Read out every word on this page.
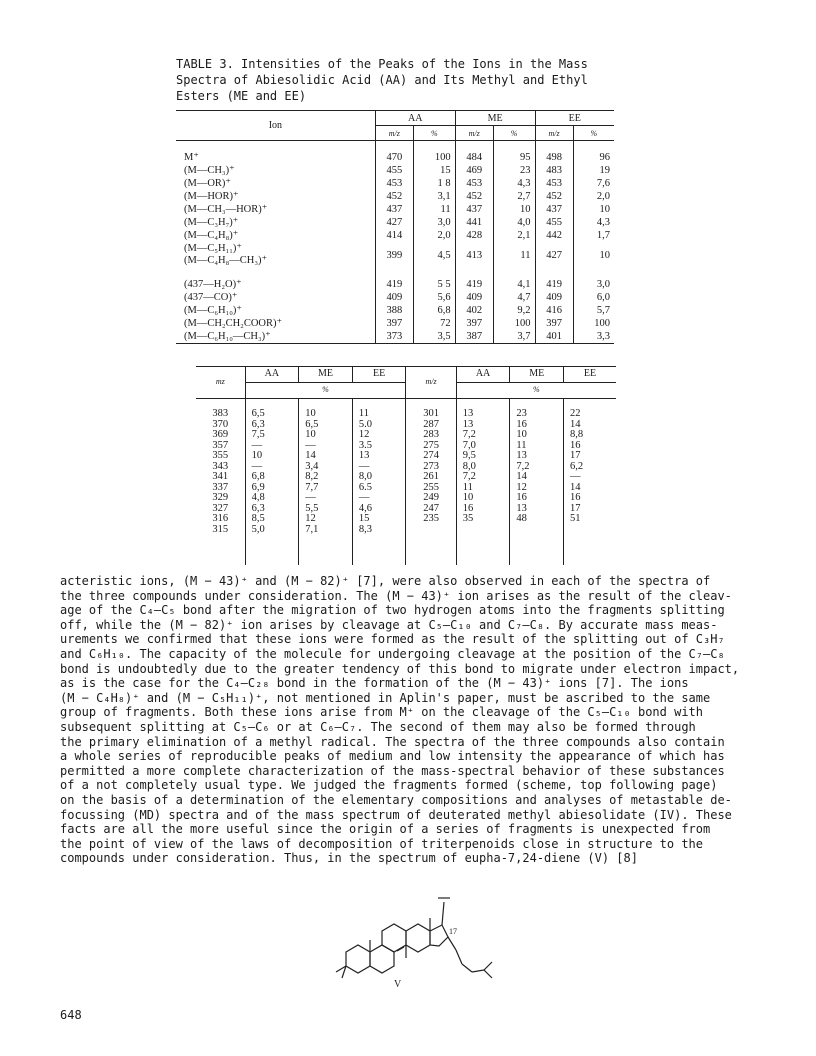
TABLE 3. Intensities of the Peaks of the Ions in the Mass Spectra of Abiesolidic Acid (AA) and Its Methyl and Ethyl Esters (ME and EE)
Ion	AA		ME		EE	
	m/z	%	m/z	%	m/z	%

M⁺	470	100	484	95	498	96
(M—CH₃)⁺	455	15	469	23	483	19
(M—OR)⁺	453	1 8	453	4,3	453	7,6
(M—HOR)⁺	452	3,1	452	2,7	452	2,0
(M—CH₃—HOR)⁺	437	11	437	10	437	10
(M—C₃H₇)⁺	427	3,0	441	4,0	455	4,3
(M—C₄H₈)⁺	414	2,0	428	2,1	442	1,7

(M—C₅H₁₁)⁺
(M—C₄H₈—CH₃)⁺	399	4,5	413	11	427	10

(437—H₂O)⁺	419	5 5	419	4,1	419	3,0
(437—CO)⁺	409	5,6	409	4,7	409	6,0
(M—C₆H₁₀)⁺	388	6,8	402	9,2	416	5,7
(M—CH₂CH₂COOR)⁺	397	72	397	100	397	100
(M—C₆H₁₀—CH₃)⁺	373	3,5	387	3,7	401	3,3
mz	AA	ME	EE	m/z	AA	ME	EE
	%				%		

383	6,5	10	11	301	13	23	22
370	6,3	6,5	5.0	287	13	16	14
369	7,5	10	12	283	7,2	10	8,8
357	—	—	3.5	275	7,0	11	16
355	10	14	13	274	9,5	13	17
343	—	3,4	—	273	8,0	7,2	6,2
341	6,8	8,2	8,0	261	7,2	14	—
337	6,9	7,7	6.5	255	11	12	14
329	4,8	—	—	249	10	16	16
327	6,3	5,5	4,6	247	16	13	17
316	8,5	12	15	235	35	48	51
315	5,0	7,1	8,3				

acteristic ions, (M − 43)⁺ and (M − 82)⁺ [7], were also observed in each of the spectra of
the three compounds under consideration. The (M − 43)⁺ ion arises as the result of the cleav-
age of the C₄–C₅ bond after the migration of two hydrogen atoms into the fragments splitting
off, while the (M − 82)⁺ ion arises by cleavage at C₅–C₁₀ and C₇–C₈. By accurate mass meas-
urements we confirmed that these ions were formed as the result of the splitting out of C₃H₇
and C₆H₁₀. The capacity of the molecule for undergoing cleavage at the position of the C₇–C₈
bond is undoubtedly due to the greater tendency of this bond to migrate under electron impact,
as is the case for the C₄–C₂₈ bond in the formation of the (M − 43)⁺ ions [7]. The ions
(M − C₄H₈)⁺ and (M − C₅H₁₁)⁺, not mentioned in Aplin's paper, must be ascribed to the same
group of fragments. Both these ions arise from M⁺ on the cleavage of the C₅–C₁₀ bond with
subsequent splitting at C₅–C₆ or at C₆–C₇. The second of them may also be formed through
the primary elimination of a methyl radical. The spectra of the three compounds also contain
a whole series of reproducible peaks of medium and low intensity the appearance of which has
permitted a more complete characterization of the mass-spectral behavior of these substances
of a not completely usual type. We judged the fragments formed (scheme, top following page)
on the basis of a determination of the elementary compositions and analyses of metastable de-
focussing (MD) spectra and of the mass spectrum of deuterated methyl abiesolidate (IV). These
facts are all the more useful since the origin of a series of fragments is unexpected from
the point of view of the laws of decomposition of triterpenoids close in structure to the
compounds under consideration. Thus, in the spectrum of eupha-7,24-diene (V) [8]
17
V
648
